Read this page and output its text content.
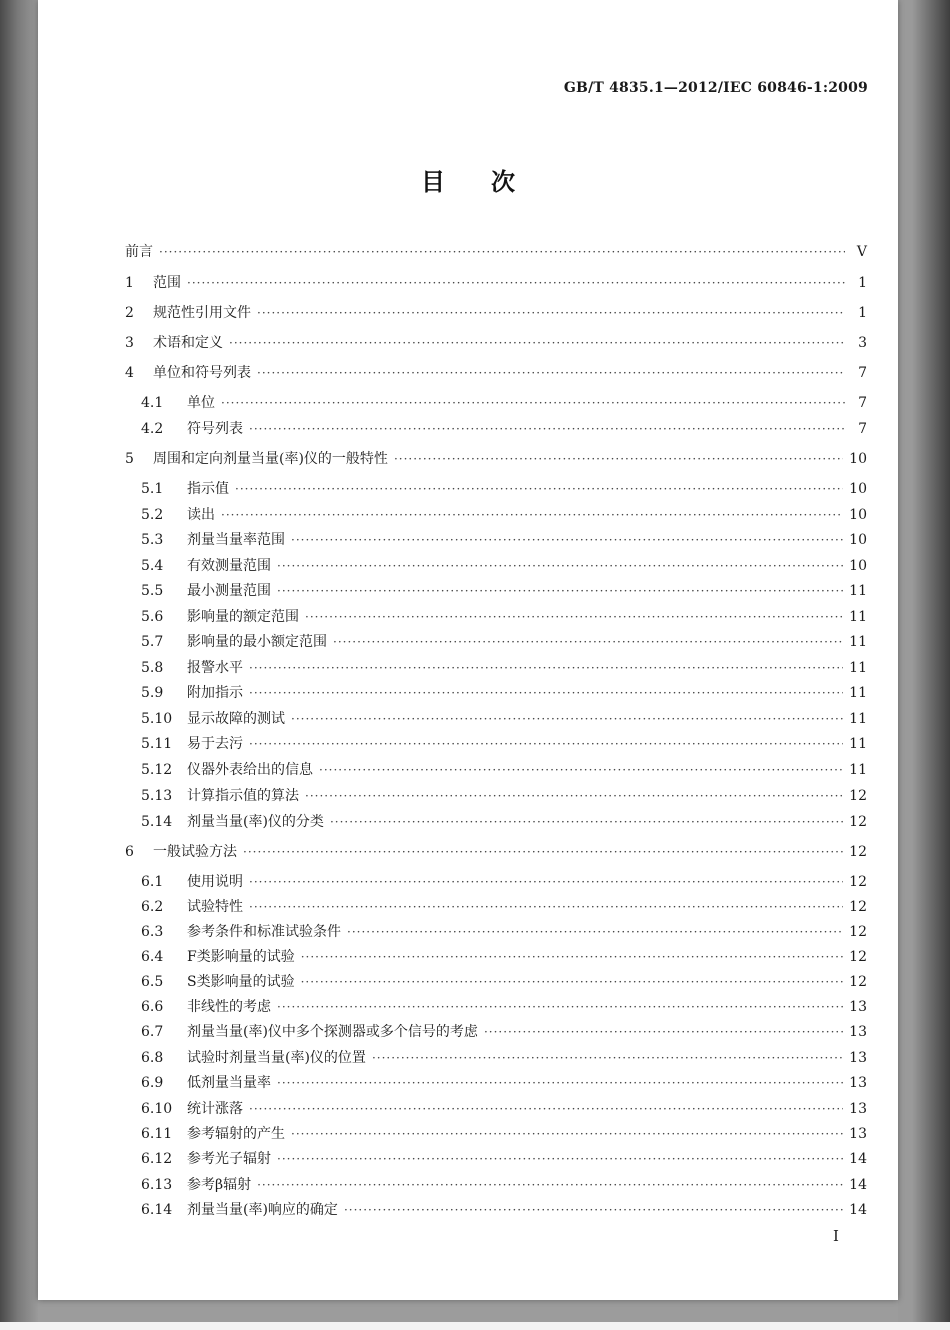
GB/T 4835.1—2012/IEC 60846-1:2009
目次
前言 ·····	V
1	范围 ·····	1
2	规范性引用文件 ·····	1
3	术语和定义 ·····	3
4	单位和符号列表 ·····	7
4.1	单位 ·····	7
4.2	符号列表 ·····	7
5	周围和定向剂量当量(率)仪的一般特性 ·····	10
5.1	指示值 ·····	10
5.2	读出 ·····	10
5.3	剂量当量率范围 ·····	10
5.4	有效测量范围 ·····	10
5.5	最小测量范围 ·····	11
5.6	影响量的额定范围 ·····	11
5.7	影响量的最小额定范围 ·····	11
5.8	报警水平 ·····	11
5.9	附加指示 ·····	11
5.10	显示故障的测试 ·····	11
5.11	易于去污 ·····	11
5.12	仪器外表给出的信息 ·····	11
5.13	计算指示值的算法 ·····	12
5.14	剂量当量(率)仪的分类 ·····	12
6	一般试验方法 ·····	12
6.1	使用说明 ·····	12
6.2	试验特性 ·····	12
6.3	参考条件和标准试验条件 ·····	12
6.4	F类影响量的试验 ·····	12
6.5	S类影响量的试验 ·····	12
6.6	非线性的考虑 ·····	13
6.7	剂量当量(率)仪中多个探测器或多个信号的考虑 ·····	13
6.8	试验时剂量当量(率)仪的位置 ·····	13
6.9	低剂量当量率 ·····	13
6.10	统计涨落 ·····	13
6.11	参考辐射的产生 ·····	13
6.12	参考光子辐射 ·····	14
6.13	参考β辐射 ·····	14
6.14	剂量当量(率)响应的确定 ·····	14
I
